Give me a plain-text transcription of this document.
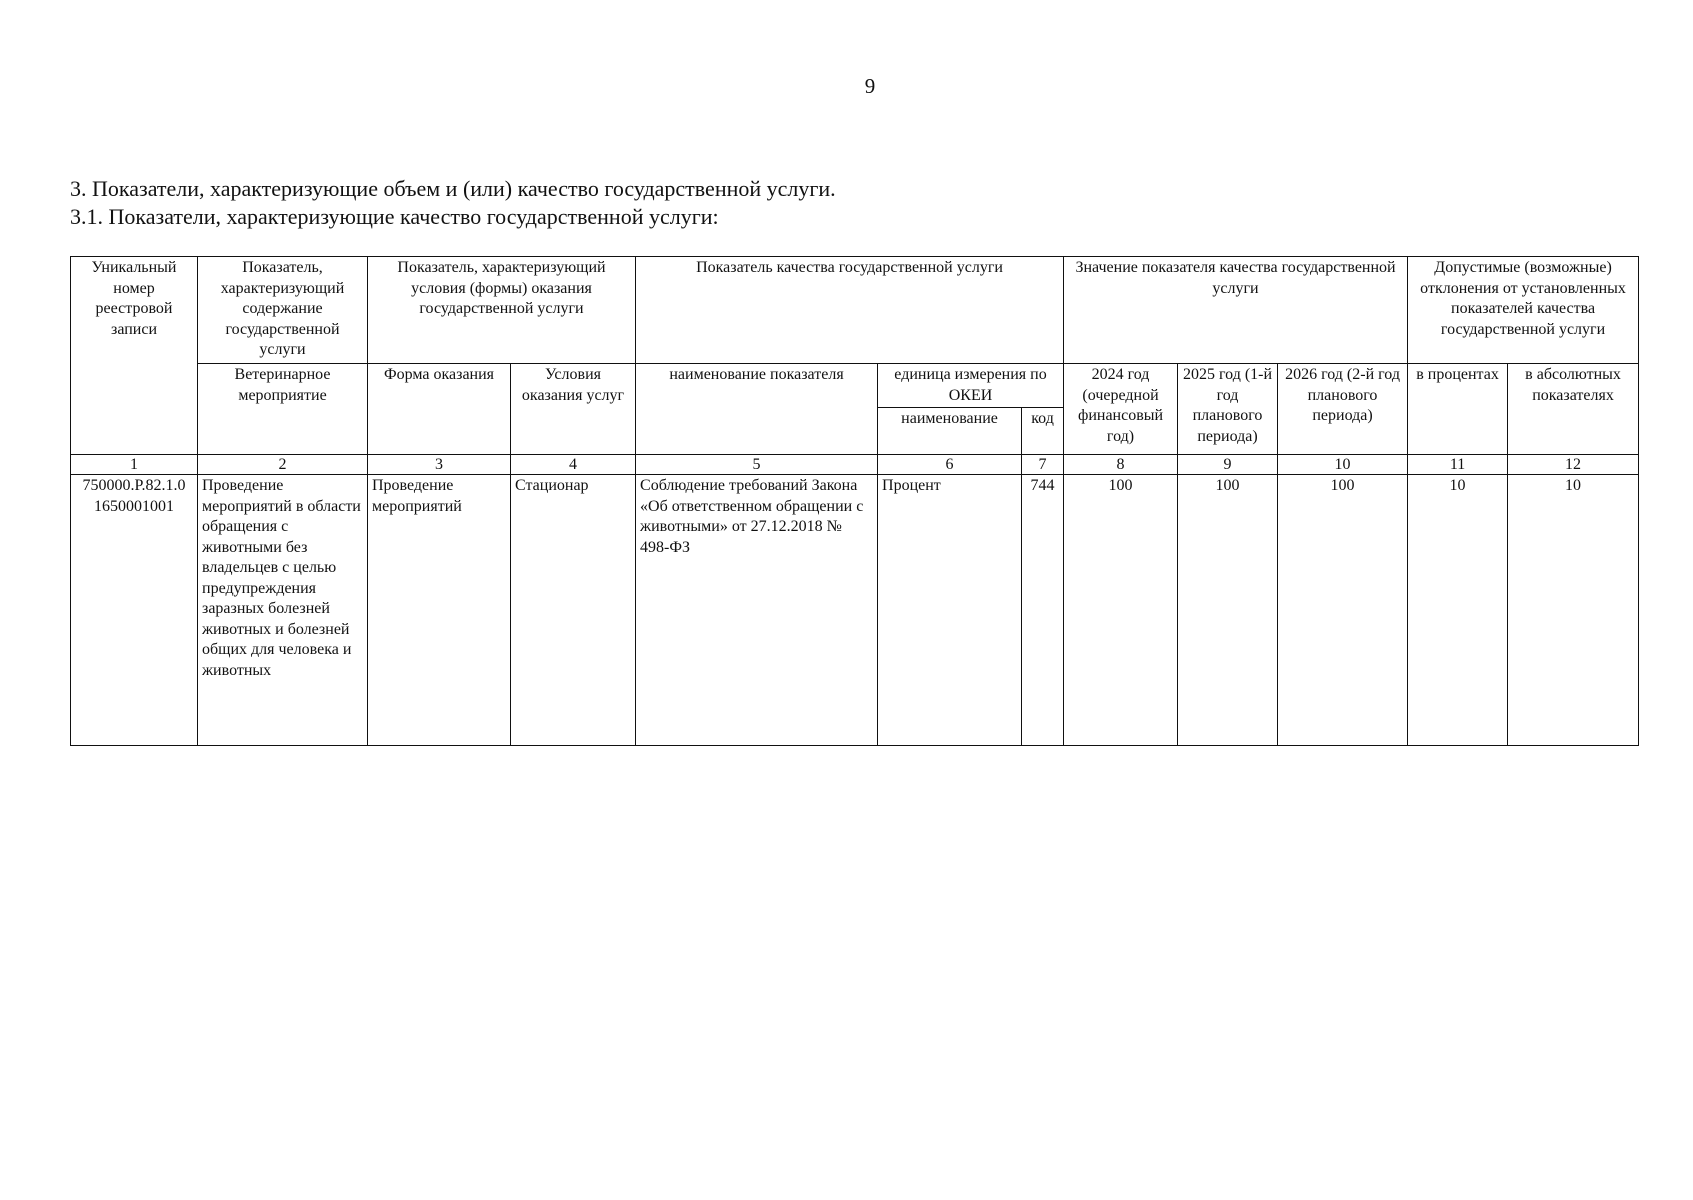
9
3. Показатели, характеризующие объем и (или) качество государственной услуги.
3.1. Показатели, характеризующие качество государственной услуги:
Уникальный номер реестровой записи	Показатель, характеризующий содержание государственной услуги	Показатель, характеризующий условия (формы) оказания государственной услуги		Показатель качества государственной услуги			Значение показателя качества государственной услуги			Допустимые (возможные) отклонения от установленных показателей качества государственной услуги	
	Ветеринарное мероприятие	Форма оказания	Условия оказания услуг	наименование показателя	единица измерения по ОКЕИ		2024 год (очередной финансовый год)	2025 год (1-й год планового периода)	2026 год (2-й год планового периода)	в процентах	в абсолютных показателях
					наименование	код					
1	2	3	4	5	6	7	8	9	10	11	12
750000.Р.82.1.0 1650001001	Проведение мероприятий в области обращения с животными без владельцев с целью предупреждения заразных болезней животных и болезней общих для человека и животных	Проведение мероприятий	Стационар	Соблюдение требований Закона «Об ответственном обращении с животными» от 27.12.2018 № 498-ФЗ	Процент	744	100	100	100	10	10
